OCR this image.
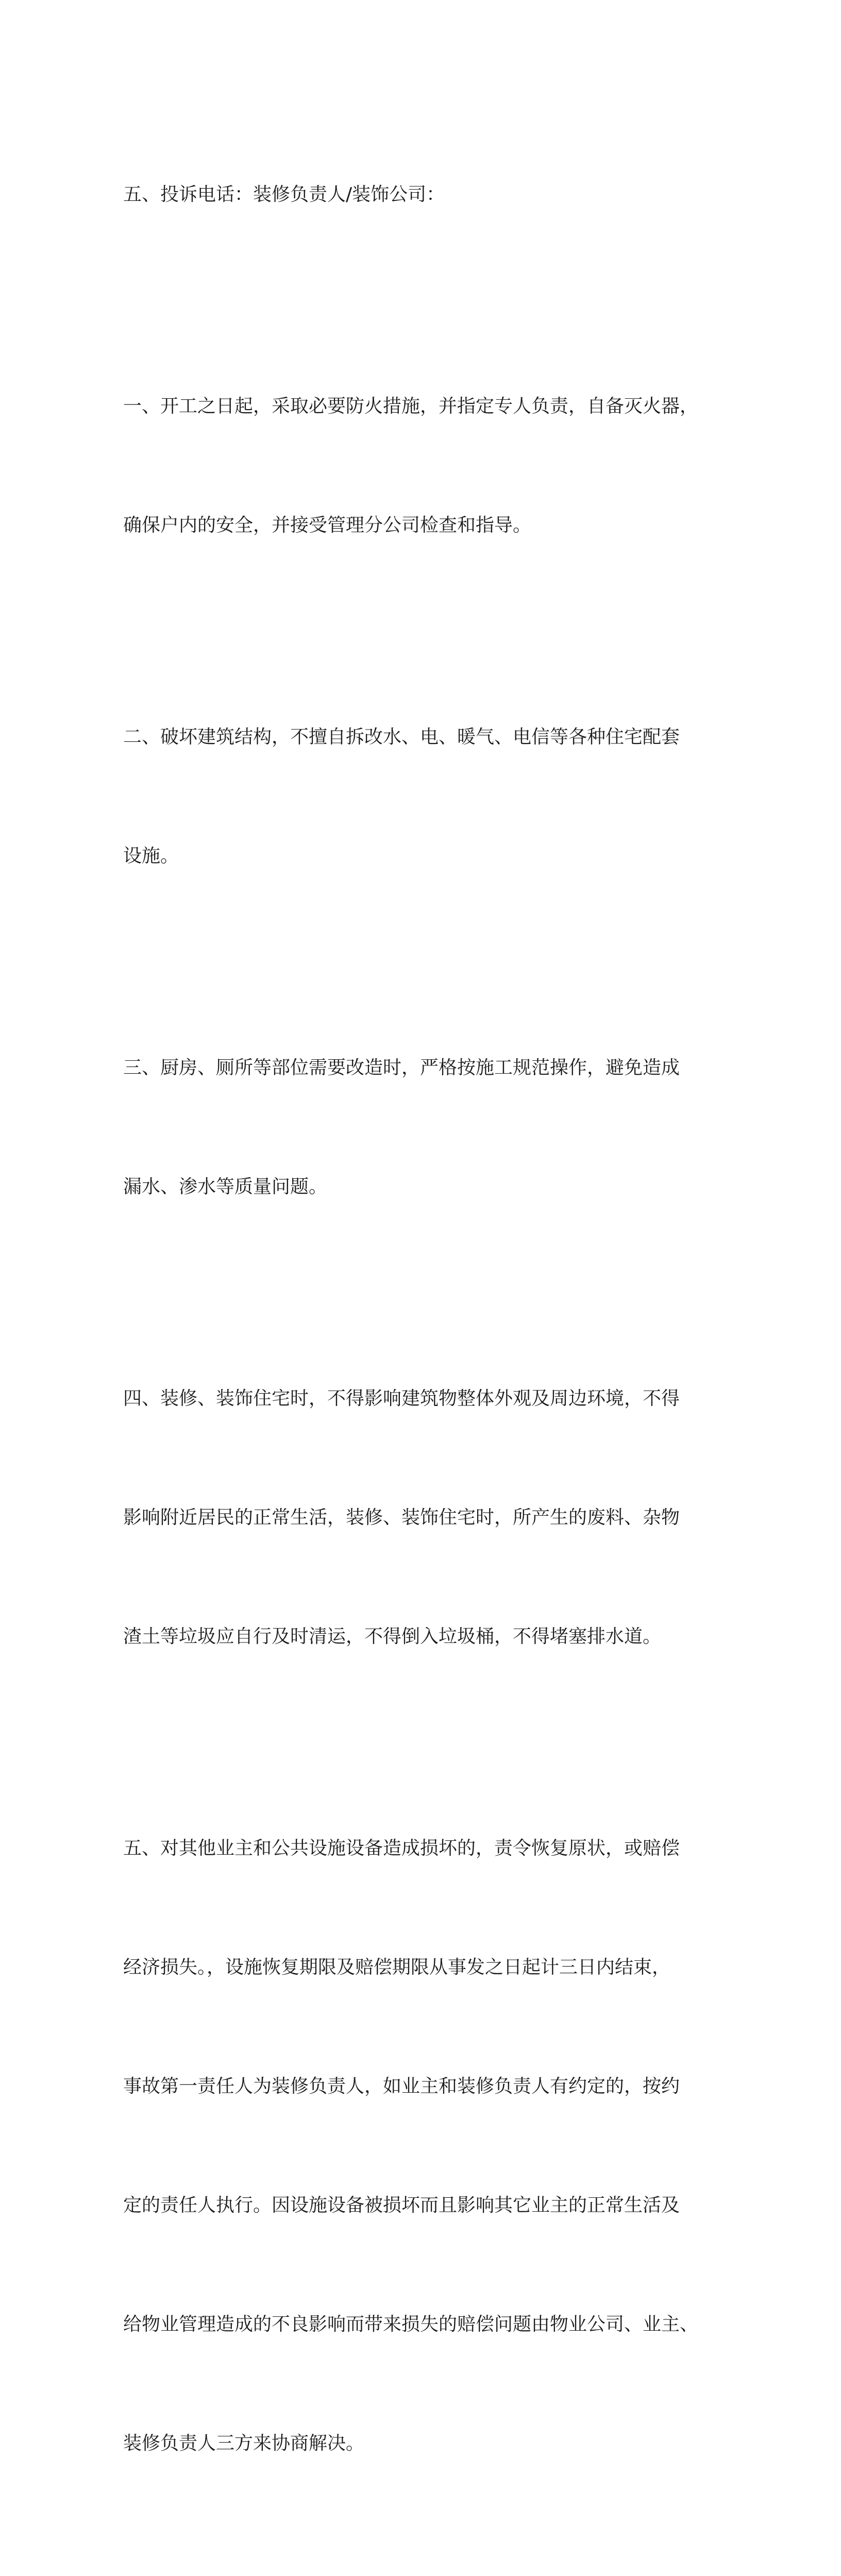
五、投诉电话：装修负责人/装饰公司：

一、开工之日起，采取必要防火措施，并指定专人负责，自备灭火器，

确保户内的安全，并接受管理分公司检查和指导。

二、破坏建筑结构，不擅自拆改水、电、暖气、电信等各种住宅配套

设施。

三、厨房、厕所等部位需要改造时，严格按施工规范操作，避免造成

漏水、渗水等质量问题。

四、装修、装饰住宅时，不得影响建筑物整体外观及周边环境，不得

影响附近居民的正常生活，装修、装饰住宅时，所产生的废料、杂物

渣土等垃圾应自行及时清运，不得倒入垃圾桶，不得堵塞排水道。

五、对其他业主和公共设施设备造成损坏的，责令恢复原状，或赔偿

经济损失。，设施恢复期限及赔偿期限从事发之日起计三日内结束，

事故第一责任人为装修负责人，如业主和装修负责人有约定的，按约

定的责任人执行。因设施设备被损坏而且影响其它业主的正常生活及

给物业管理造成的不良影响而带来损失的赔偿问题由物业公司、业主、

装修负责人三方来协商解决。
